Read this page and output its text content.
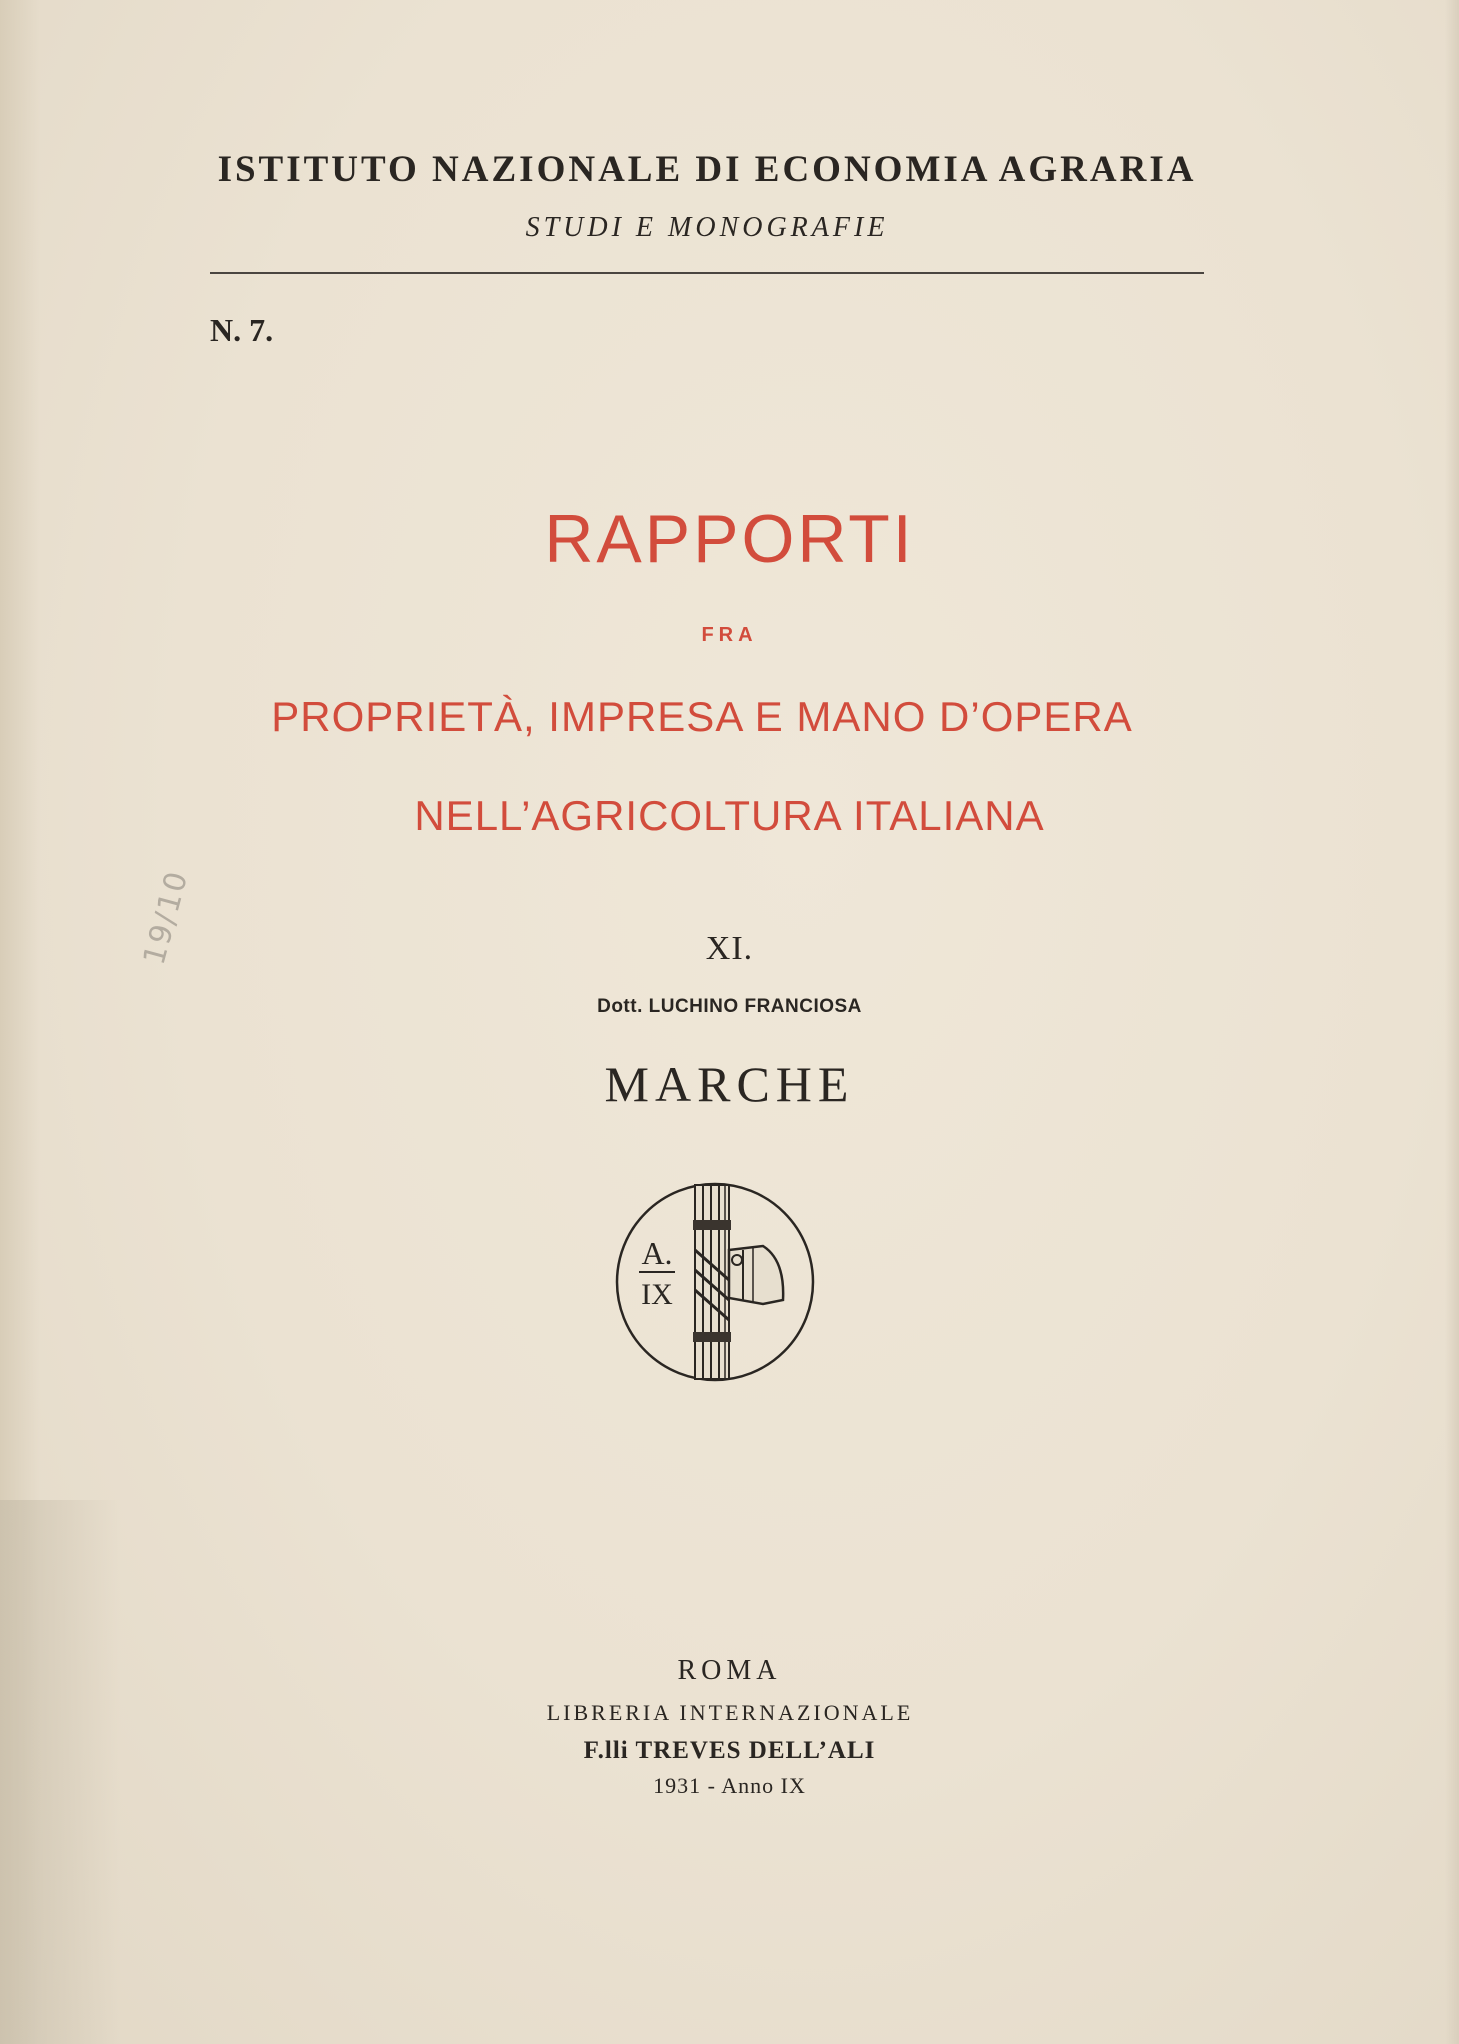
ISTITUTO NAZIONALE DI ECONOMIA AGRARIA

STUDI E MONOGRAFIE

N. 7.

RAPPORTI

FRA

PROPRIETÀ, IMPRESA E MANO D’OPERA

NELL’AGRICOLTURA ITALIANA

XI.

Dott. LUCHINO FRANCIOSA

MARCHE

A.
IX

19/10

ROMA

LIBRERIA INTERNAZIONALE

F.lli TREVES DELL’ALI

1931 - Anno IX
